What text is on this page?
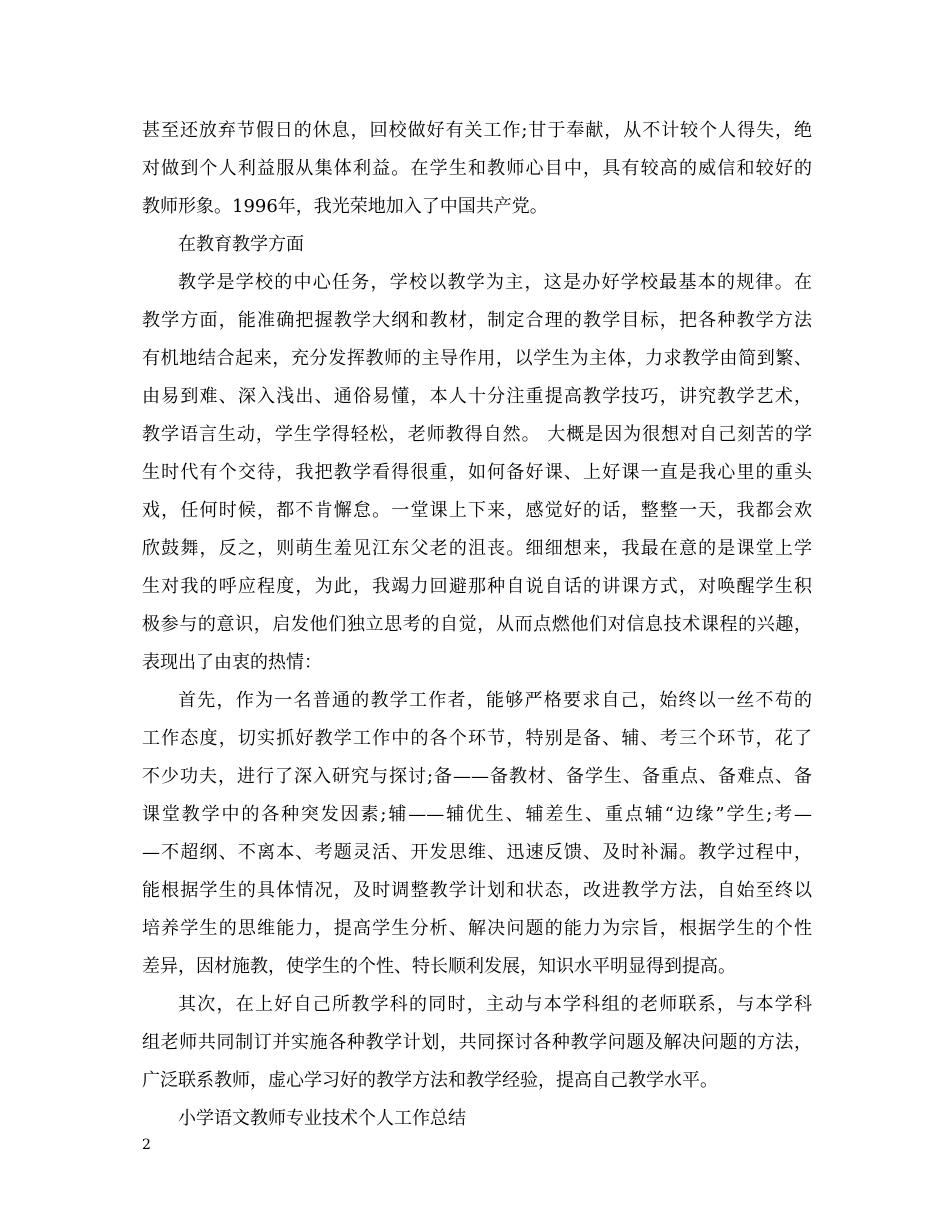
甚至还放弃节假日的休息，回校做好有关工作;甘于奉献，从不计较个人得失，绝
对做到个人利益服从集体利益。在学生和教师心目中，具有较高的威信和较好的
教师形象。1996年，我光荣地加入了中国共产党。
在教育教学方面
教学是学校的中心任务，学校以教学为主，这是办好学校最基本的规律。在
教学方面，能准确把握教学大纲和教材，制定合理的教学目标，把各种教学方法
有机地结合起来，充分发挥教师的主导作用，以学生为主体，力求教学由简到繁、
由易到难、深入浅出、通俗易懂，本人十分注重提高教学技巧，讲究教学艺术，
教学语言生动，学生学得轻松，老师教得自然。 大概是因为很想对自己刻苦的学
生时代有个交待，我把教学看得很重，如何备好课、上好课一直是我心里的重头
戏，任何时候，都不肯懈怠。一堂课上下来，感觉好的话，整整一天，我都会欢
欣鼓舞，反之，则萌生羞见江东父老的沮丧。细细想来，我最在意的是课堂上学
生对我的呼应程度，为此，我竭力回避那种自说自话的讲课方式，对唤醒学生积
极参与的意识，启发他们独立思考的自觉，从而点燃他们对信息技术课程的兴趣，
表现出了由衷的热情：
首先，作为一名普通的教学工作者，能够严格要求自己，始终以一丝不苟的
工作态度，切实抓好教学工作中的各个环节，特别是备、辅、考三个环节，花了
不少功夫，进行了深入研究与探讨;备——备教材、备学生、备重点、备难点、备
课堂教学中的各种突发因素;辅——辅优生、辅差生、重点辅“边缘”学生;考—
—不超纲、不离本、考题灵活、开发思维、迅速反馈、及时补漏。教学过程中，
能根据学生的具体情况，及时调整教学计划和状态，改进教学方法，自始至终以
培养学生的思维能力，提高学生分析、解决问题的能力为宗旨，根据学生的个性
差异，因材施教，使学生的个性、特长顺利发展，知识水平明显得到提高。
其次，在上好自己所教学科的同时，主动与本学科组的老师联系，与本学科
组老师共同制订并实施各种教学计划，共同探讨各种教学问题及解决问题的方法，
广泛联系教师，虚心学习好的教学方法和教学经验，提高自己教学水平。
小学语文教师专业技术个人工作总结
2
